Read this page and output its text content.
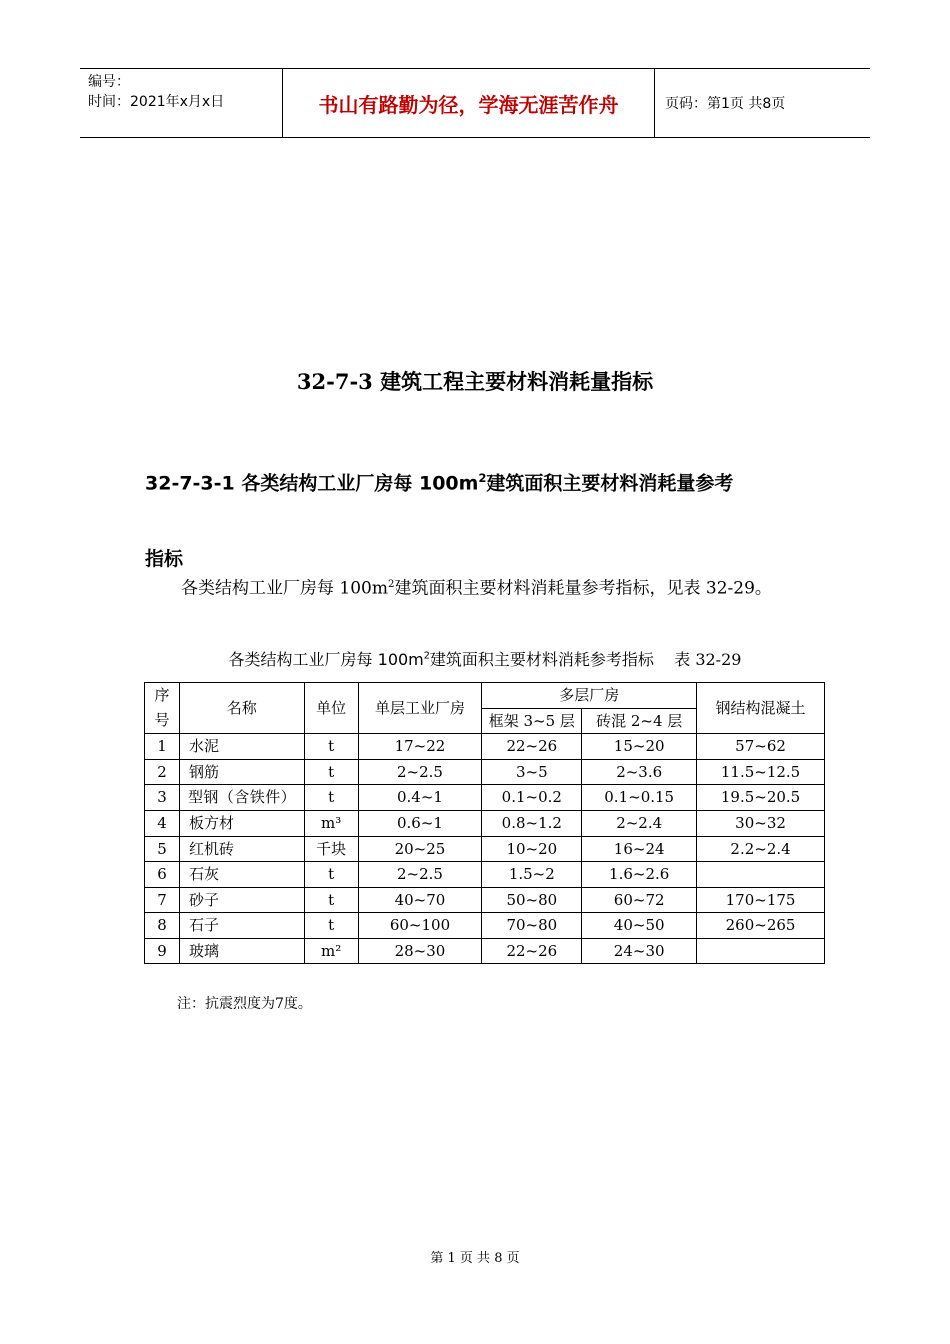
编号：
时间：2021年x月x日	书山有路勤为径，学海无涯苦作舟	页码：第1页 共8页
32-7-3 建筑工程主要材料消耗量指标
32-7-3-1 各类结构工业厂房每 $100m^2$建筑面积主要材料消耗量参考
指标
各类结构工业厂房每 $100m^2$建筑面积主要材料消耗量参考指标，见表 32-29。
各类结构工业厂房每 $100m^2$建筑面积主要材料消耗参考指标 表 32-29
序号	名称	单位	单层工业厂房	多层厂房		钢结构混凝土
				框架 3~5 层	砖混 2~4 层	
1	水泥	t	17~22	22~26	15~20	57~62
2	钢筋	t	2~2.5	3~5	2~3.6	11.5~12.5
3	型钢（含铁件）	t	0.4~1	0.1~0.2	0.1~0.15	19.5~20.5
4	板方材	m³	0.6~1	0.8~1.2	2~2.4	30~32
5	红机砖	千块	20~25	10~20	16~24	2.2~2.4
6	石灰	t	2~2.5	1.5~2	1.6~2.6	
7	砂子	t	40~70	50~80	60~72	170~175
8	石子	t	60~100	70~80	40~50	260~265
9	玻璃	m²	28~30	22~26	24~30	
注：抗震烈度为7度。
第 1 页 共 8 页
